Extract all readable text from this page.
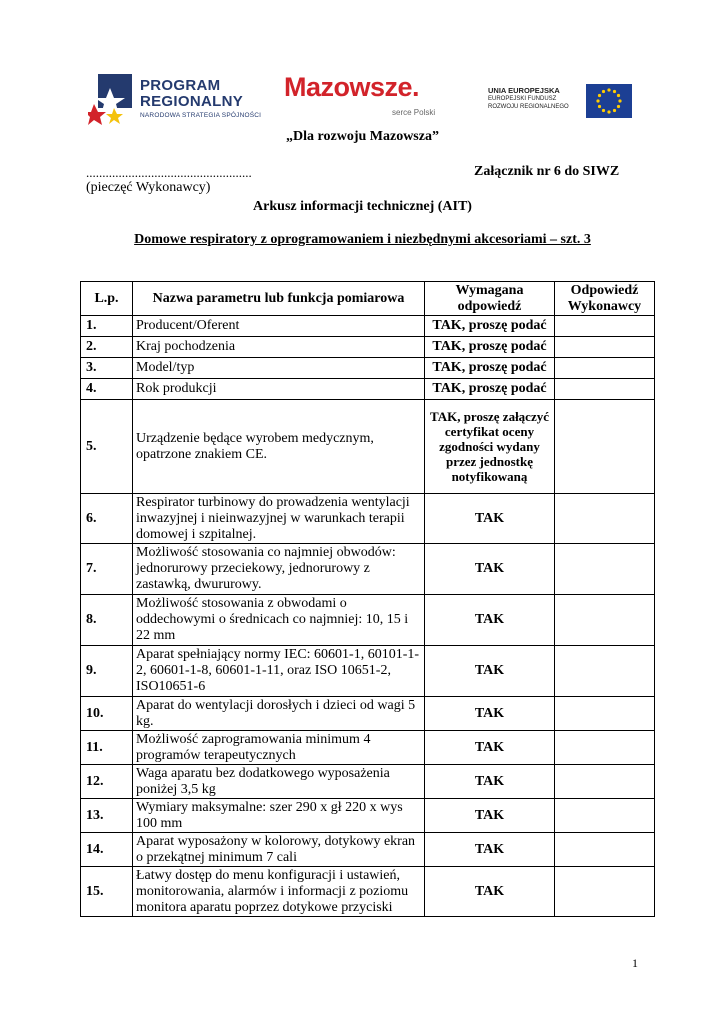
PROGRAM
REGIONALNY
NARODOWA STRATEGIA SPÓJNOŚCI
Mazowsze.
serce Polski
UNIA EUROPEJSKA
EUROPEJSKI FUNDUSZ
ROZWOJU REGIONALNEGO
„Dla rozwoju Mazowsza”
...................................................	Załącznik nr 6 do SIWZ
(pieczęć Wykonawcy)
Arkusz informacji technicznej (AIT)
Domowe respiratory z oprogramowaniem i niezbędnymi akcesoriami – szt. 3
L.p.	Nazwa parametru lub funkcja pomiarowa	Wymagana odpowiedź	Odpowiedź Wykonawcy
1.	Producent/Oferent	TAK, proszę podać	
2.	Kraj pochodzenia	TAK, proszę podać	
3.	Model/typ	TAK, proszę podać	
4.	Rok produkcji	TAK, proszę podać	
5.	Urządzenie będące wyrobem medycznym, opatrzone znakiem CE.	TAK, proszę załączyć certyfikat oceny zgodności wydany przez jednostkę notyfikowaną	
6.	Respirator turbinowy do prowadzenia wentylacji inwazyjnej i nieinwazyjnej w warunkach terapii domowej i szpitalnej.	TAK	
7.	Możliwość stosowania co najmniej obwodów: jednorurowy przeciekowy, jednorurowy z zastawką, dwururowy.	TAK	
8.	Możliwość stosowania z obwodami o oddechowymi o średnicach co najmniej: 10, 15 i 22 mm	TAK	
9.	Aparat spełniający normy IEC: 60601-1, 60101-1-2, 60601-1-8, 60601-1-11, oraz ISO 10651-2, ISO10651-6	TAK	
10.	Aparat do wentylacji dorosłych i dzieci od wagi 5 kg.	TAK	
11.	Możliwość zaprogramowania minimum 4 programów terapeutycznych	TAK	
12.	Waga aparatu bez dodatkowego wyposażenia poniżej 3,5 kg	TAK	
13.	Wymiary maksymalne: szer 290 x gł 220 x wys 100 mm	TAK	
14.	Aparat wyposażony w kolorowy, dotykowy ekran o przekątnej minimum 7 cali	TAK	
15.	Łatwy dostęp do menu konfiguracji i ustawień, monitorowania, alarmów i informacji z poziomu monitora aparatu poprzez dotykowe przyciski	TAK	
1
